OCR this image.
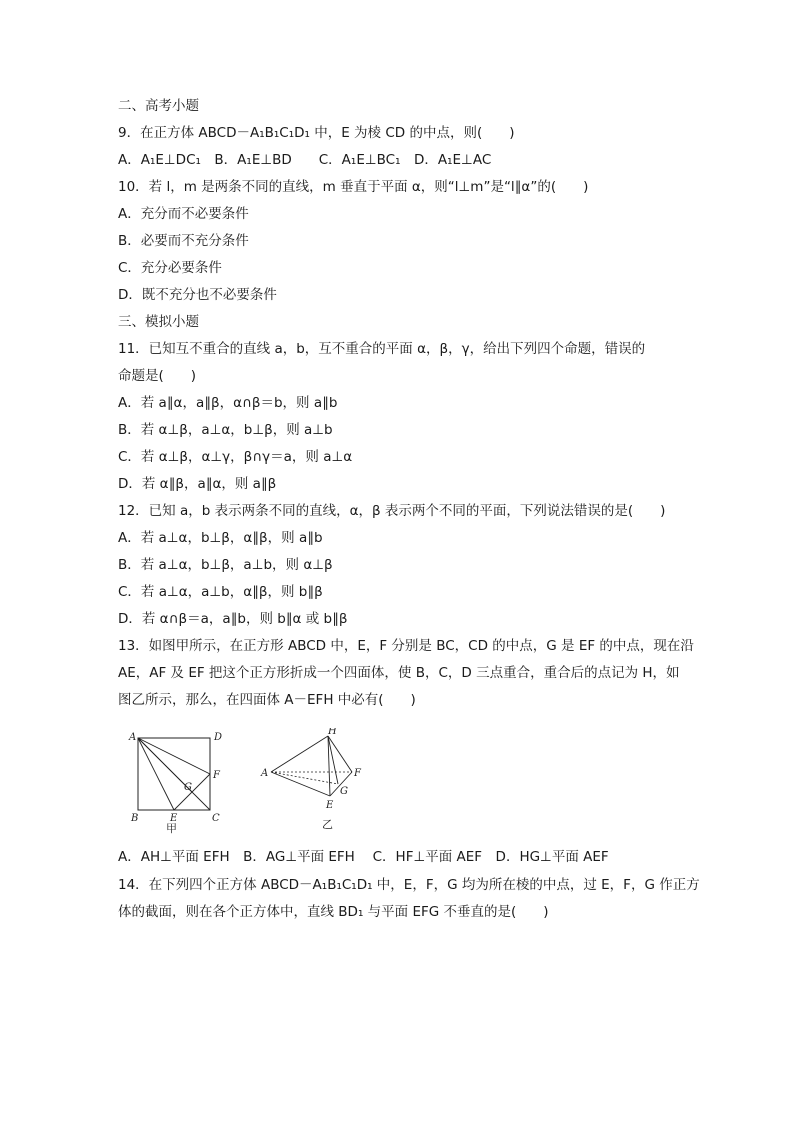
二、高考小题
9．在正方体 ABCD－A₁B₁C₁D₁ 中，E 为棱 CD 的中点，则(　　)
A．A₁E⊥DC₁　B．A₁E⊥BD　　C．A₁E⊥BC₁　D．A₁E⊥AC
10．若 l，m 是两条不同的直线，m 垂直于平面 α，则“l⊥m”是“l∥α”的(　　)
A．充分而不必要条件
B．必要而不充分条件
C．充分必要条件
D．既不充分也不必要条件
三、模拟小题
11．已知互不重合的直线 a，b，互不重合的平面 α，β，γ，给出下列四个命题，错误的
命题是(　　)
A．若 a∥α，a∥β，α∩β＝b，则 a∥b
B．若 α⊥β，a⊥α，b⊥β，则 a⊥b
C．若 α⊥β，α⊥γ，β∩γ＝a，则 a⊥α
D．若 α∥β，a∥α，则 a∥β
12．已知 a，b 表示两条不同的直线，α，β 表示两个不同的平面，下列说法错误的是(　　)
A．若 a⊥α，b⊥β，α∥β，则 a∥b
B．若 a⊥α，b⊥β，a⊥b，则 α⊥β
C．若 a⊥α，a⊥b，α∥β，则 b∥β
D．若 α∩β＝a，a∥b，则 b∥α 或 b∥β
13．如图甲所示，在正方形 ABCD 中，E，F 分别是 BC，CD 的中点，G 是 EF 的中点，现在沿
AE，AF 及 EF 把这个正方形折成一个四面体，使 B，C，D 三点重合，重合后的点记为 H，如
图乙所示，那么，在四面体 A－EFH 中必有(　　)
A	D
B	C
E
F
G
甲
H
A	F
G
E
乙
A．AH⊥平面 EFH　B．AG⊥平面 EFH　 C．HF⊥平面 AEF　D．HG⊥平面 AEF
14．在下列四个正方体 ABCD－A₁B₁C₁D₁ 中，E，F，G 均为所在棱的中点，过 E，F，G 作正方
体的截面，则在各个正方体中，直线 BD₁ 与平面 EFG 不垂直的是(　　)
